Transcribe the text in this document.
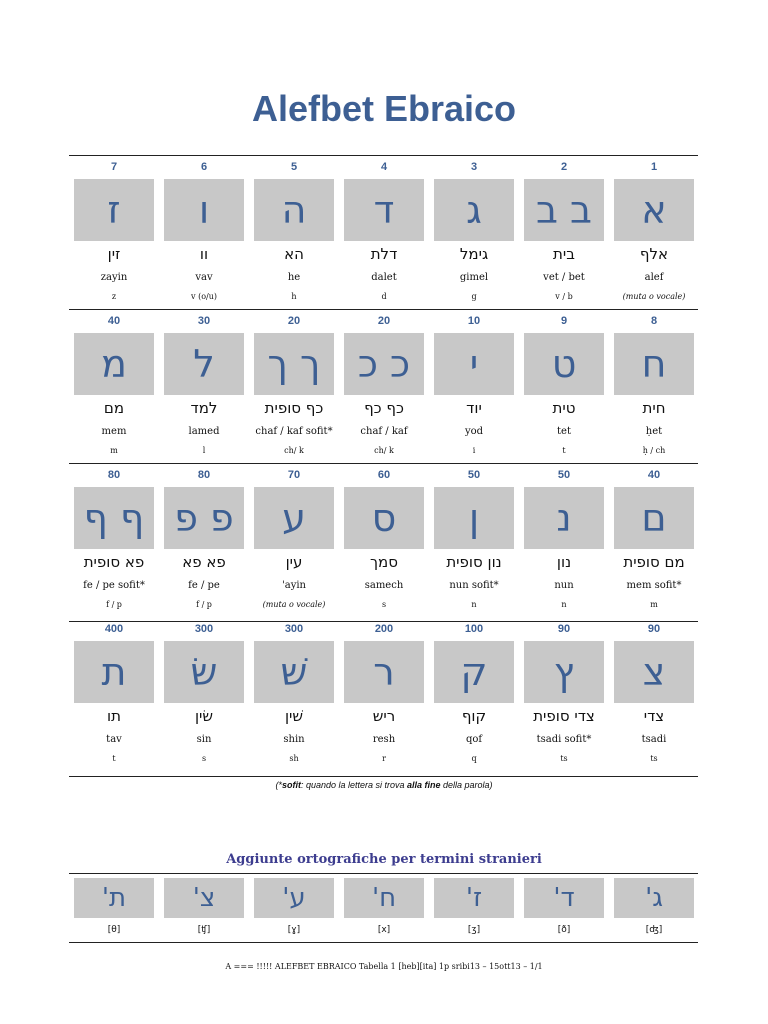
Alefbet Ebraico
7
ז
זין
zayin
z
6
ו
וו
vav
v (o/u)
5
ה
הא
he
h
4
ד
דלת
dalet
d
3
ג
גימל
gimel
g
2
ב ב
בית
vet / bet
v / b
1
א
אלף
alef
(muta o vocale)
40
מ
מם
mem
m
30
ל
למד
lamed
l
20
ך ך
כף סופית
chaf / kaf sofit*
ch/ k
20
כ כ
כף כף
chaf / kaf
ch/ k
10
י
יוד
yod
i
9
ט
טית
tet
t
8
ח
חית
ḥet
ḥ / ch
80
ף ף
פא סופית
fe / pe sofit*
f / p
80
פ פ
פא פא
fe / pe
f / p
70
ע
עין
'ayin
(muta o vocale)
60
ס
סמך
samech
s
50
ן
נון סופית
nun sofit*
n
50
נ
נון
nun
n
40
ם
מם סופית
mem sofit*
m
400
ת
תו
tav
t
300
שׂ
שׂין
sin
s
300
שׁ
שׁין
shin
sh
200
ר
ריש
resh
r
100
ק
קוף
qof
q
90
ץ
צדי סופית
tsadi sofit*
ts
90
צ
צדי
tsadi
ts
(*sofit: quando la lettera si trova alla fine della parola)
Aggiunte ortografiche per termini stranieri
ת'
[θ]
צ'
[ʧ]
ע'
[ɣ]
ח'
[x]
ז'
[ʒ]
ד'
[ð]
ג'
[ʤ]
A === !!!!! ALEFBET EBRAICO Tabella 1 [heb][ita] 1p sribi13 – 15ott13 – 1/1
